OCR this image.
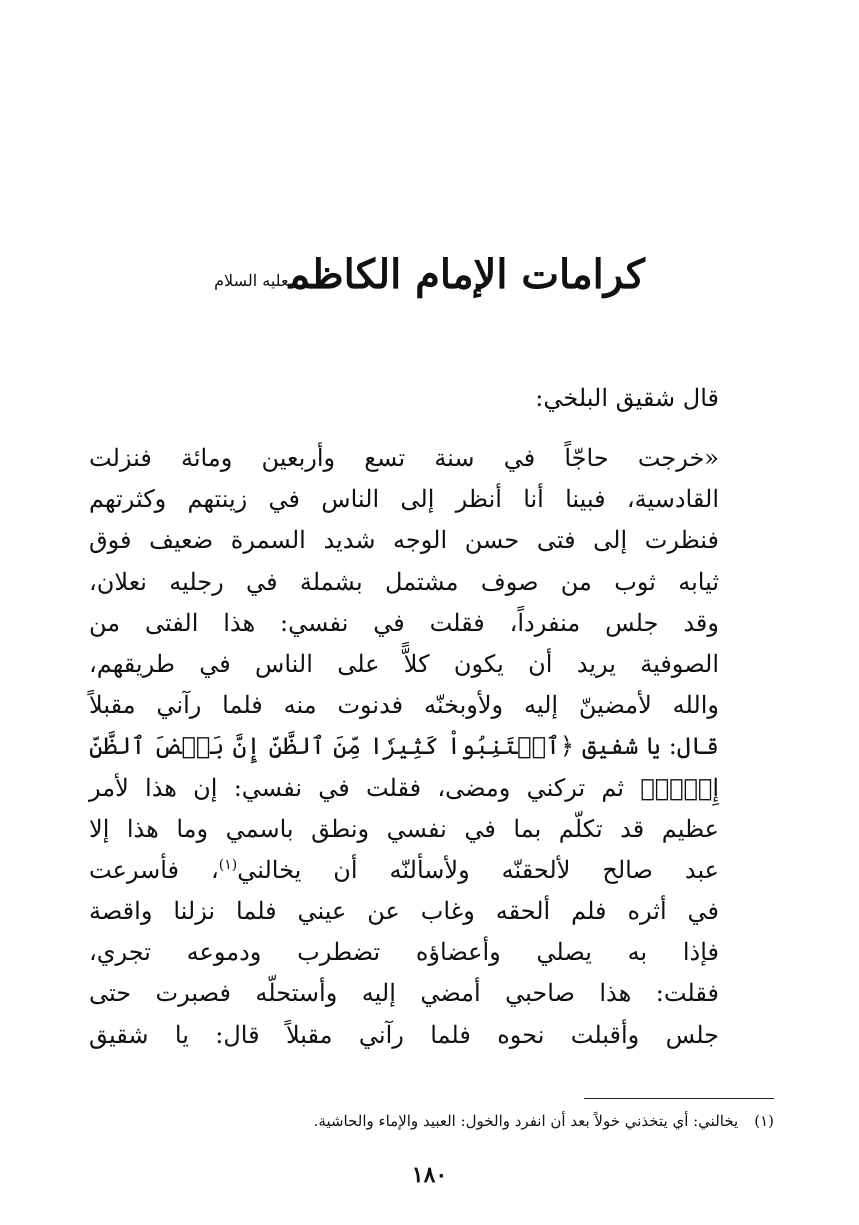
كرامات الإمام الكاظم$^{عليه السلام}$

قال شقيق البلخي:

«خرجت حاجّاً في سنة تسع وأربعين ومائة فنزلت
القادسية، فبينا أنا أنظر إلى الناس في زينتهم وكثرتهم
فنظرت إلى فتى حسن الوجه شديد السمرة ضعيف فوق
ثيابه ثوب من صوف مشتمل بشملة في رجليه نعلان،
وقد جلس منفرداً، فقلت في نفسي: هذا الفتى من
الصوفية يريد أن يكون كلاًّ على الناس في طريقهم،
والله لأمضينّ إليه ولأوبخنّه فدنوت منه فلما رآني مقبلاً
قال: يا شفيق ﴿ٱجۡتَنِبُواْ كَثِيرٗا مِّنَ ٱلظَّنِّ إِنَّ بَعۡضَ ٱلظَّنِّ
إِثۡمٞ﴾ ثم تركني ومضى، فقلت في نفسي: إن هذا لأمر
عظيم قد تكلّم بما في نفسي ونطق باسمي وما هذا إلا
عبد صالح لألحقنّه ولأسألنّه أن يخالني$^{(١)}$، فأسرعت
في أثره فلم ألحقه وغاب عن عيني فلما نزلنا واقصة
فإذا به يصلي وأعضاؤه تضطرب ودموعه تجري،
فقلت: هذا صاحبي أمضي إليه وأستحلّه فصبرت حتى
جلس وأقبلت نحوه فلما رآني مقبلاً قال: يا شقيق

(١)يخالني: أي يتخذني خولاً بعد أن انفرد والخول: العبيد والإماء والحاشية.

١٨٠
